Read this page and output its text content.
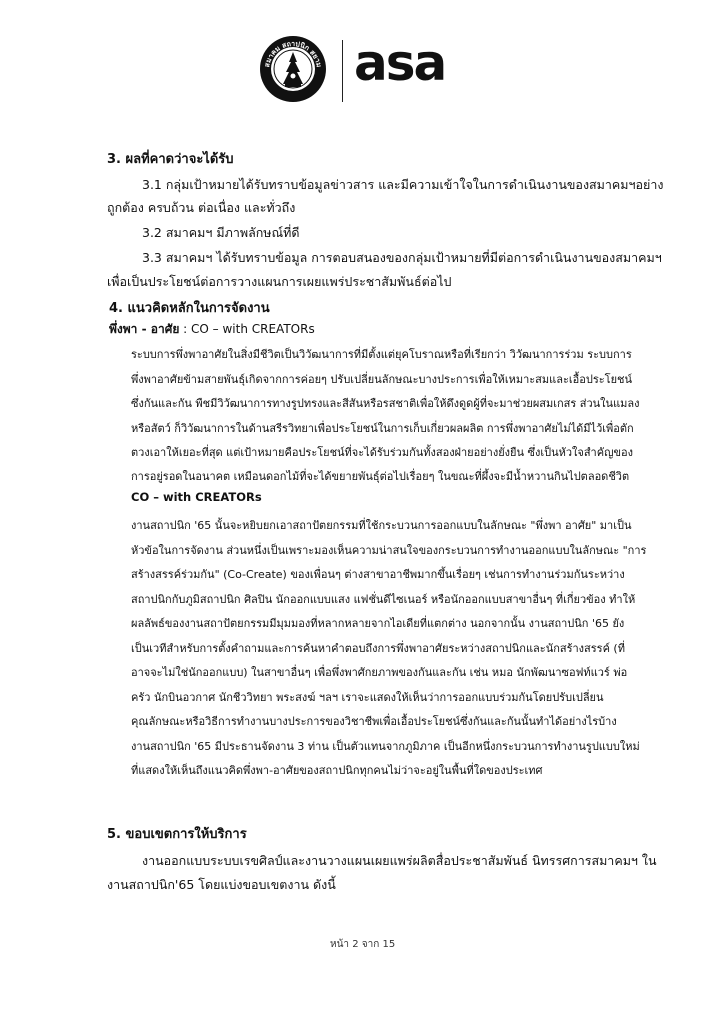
สมาคม สถาปนิก สยาม asa
3. ผลที่คาดว่าจะได้รับ
3.1 กลุ่มเป้าหมายได้รับทราบข้อมูลข่าวสาร และมีความเข้าใจในการดำเนินงานของสมาคมฯอย่าง
ถูกต้อง ครบถ้วน ต่อเนื่อง และทั่วถึง
3.2 สมาคมฯ มีภาพลักษณ์ที่ดี
3.3 สมาคมฯ ได้รับทราบข้อมูล การตอบสนองของกลุ่มเป้าหมายที่มีต่อการดำเนินงานของสมาคมฯ
เพื่อเป็นประโยชน์ต่อการวางแผนการเผยแพร่ประชาสัมพันธ์ต่อไป
4. แนวคิดหลักในการจัดงาน
พึ่งพา - อาศัย : CO – with CREATORs
ระบบการพึ่งพาอาศัยในสิ่งมีชีวิตเป็นวิวัฒนาการที่มีตั้งแต่ยุคโบราณหรือที่เรียกว่า วิวัฒนาการร่วม ระบบการ
พึ่งพาอาศัยข้ามสายพันธุ์เกิดจากการค่อยๆ ปรับเปลี่ยนลักษณะบางประการเพื่อให้เหมาะสมและเอื้อประโยชน์
ซึ่งกันและกัน พืชมีวิวัฒนาการทางรูปทรงและสีสันหรือรสชาติเพื่อให้ดึงดูดผู้ที่จะมาช่วยผสมเกสร ส่วนในแมลง
หรือสัตว์ ก็วิวัฒนาการในด้านสรีรวิทยาเพื่อประโยชน์ในการเก็บเกี่ยวผลผลิต การพึ่งพาอาศัยไม่ได้มีไว้เพื่อตัก
ตวงเอาให้เยอะที่สุด แต่เป้าหมายคือประโยชน์ที่จะได้รับร่วมกันทั้งสองฝ่ายอย่างยั่งยืน ซึ่งเป็นหัวใจสำคัญของ
การอยู่รอดในอนาคต เหมือนดอกไม้ที่จะได้ขยายพันธุ์ต่อไปเรื่อยๆ ในขณะที่ผึ้งจะมีน้ำหวานกินไปตลอดชีวิต
CO – with CREATORs
งานสถาปนิก '65 นั้นจะหยิบยกเอาสถาปัตยกรรมที่ใช้กระบวนการออกแบบในลักษณะ "พึ่งพา อาศัย" มาเป็น
หัวข้อในการจัดงาน ส่วนหนึ่งเป็นเพราะมองเห็นความน่าสนใจของกระบวนการทำงานออกแบบในลักษณะ "การ
สร้างสรรค์ร่วมกัน" (Co-Create) ของเพื่อนๆ ต่างสาขาอาชีพมากขึ้นเรื่อยๆ เช่นการทำงานร่วมกันระหว่าง
สถาปนิกกับภูมิสถาปนิก ศิลปิน นักออกแบบแสง แฟชั่นดีไซเนอร์ หรือนักออกแบบสาขาอื่นๆ ที่เกี่ยวข้อง ทำให้
ผลลัพธ์ของงานสถาปัตยกรรมมีมุมมองที่หลากหลายจากไอเดียที่แตกต่าง นอกจากนั้น งานสถาปนิก '65 ยัง
เป็นเวทีสำหรับการตั้งคำถามและการค้นหาคำตอบถึงการพึ่งพาอาศัยระหว่างสถาปนิกและนักสร้างสรรค์ (ที่
อาจจะไม่ใช่นักออกแบบ) ในสาขาอื่นๆ เพื่อพึ่งพาศักยภาพของกันและกัน เช่น หมอ นักพัฒนาซอฟท์แวร์ พ่อ
ครัว นักบินอวกาศ นักชีววิทยา พระสงฆ์ ฯลฯ เราจะแสดงให้เห็นว่าการออกแบบร่วมกันโดยปรับเปลี่ยน
คุณลักษณะหรือวิธีการทำงานบางประการของวิชาชีพเพื่อเอื้อประโยชน์ซึ่งกันและกันนั้นทำได้อย่างไรบ้าง
งานสถาปนิก '65 มีประธานจัดงาน 3 ท่าน เป็นตัวแทนจากภูมิภาค เป็นอีกหนึ่งกระบวนการทำงานรูปแบบใหม่
ที่แสดงให้เห็นถึงแนวคิดพึ่งพา-อาศัยของสถาปนิกทุกคนไม่ว่าจะอยู่ในพื้นที่ใดของประเทศ
5. ขอบเขตการให้บริการ
งานออกแบบระบบเรขศิลป์และงานวางแผนเผยแพร่ผลิตสื่อประชาสัมพันธ์ นิทรรศการสมาคมฯ ใน
งานสถาปนิก'65 โดยแบ่งขอบเขตงาน ดังนี้
หน้า 2 จาก 15
